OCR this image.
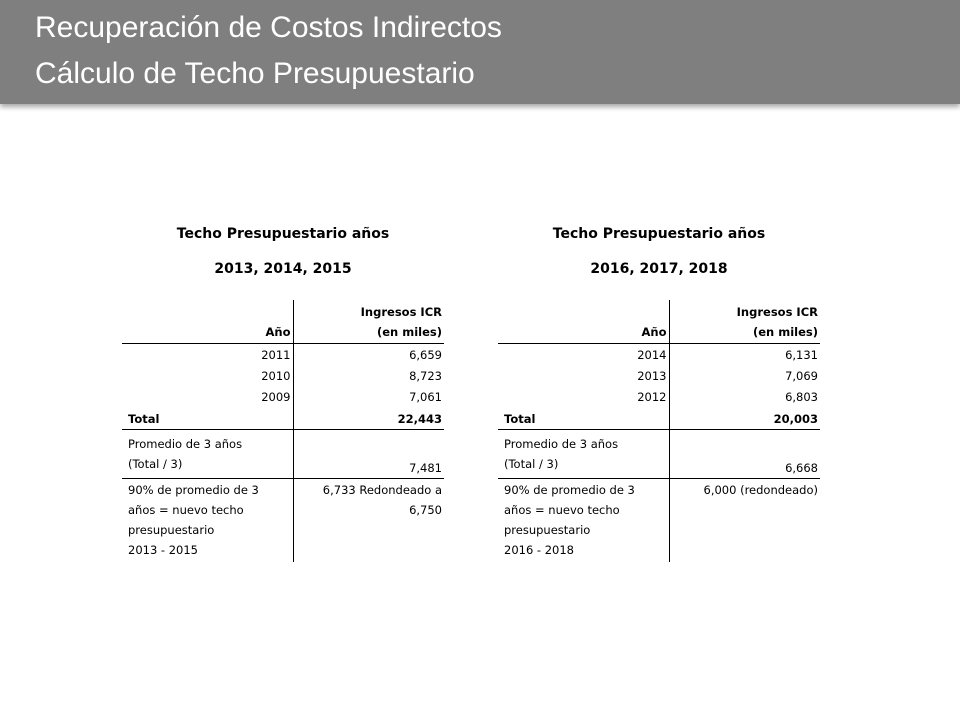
Recuperación de Costos Indirectos
Cálculo de Techo Presupuestario
Techo Presupuestario años
2013, 2014, 2015
Año	Ingresos ICR
(en miles)
2011	6,659
2010	8,723
2009	7,061
Total	22,443
Promedio de 3 años
(Total / 3)	7,481
90% de promedio de 3
años = nuevo techo
presupuestario
2013 - 2015	6,733 Redondeado a
6,750
Techo Presupuestario años
2016, 2017, 2018
Año	Ingresos ICR
(en miles)
2014	6,131
2013	7,069
2012	6,803
Total	20,003
Promedio de 3 años
(Total / 3)	6,668
90% de promedio de 3
años = nuevo techo
presupuestario
2016 - 2018	6,000 (redondeado)
